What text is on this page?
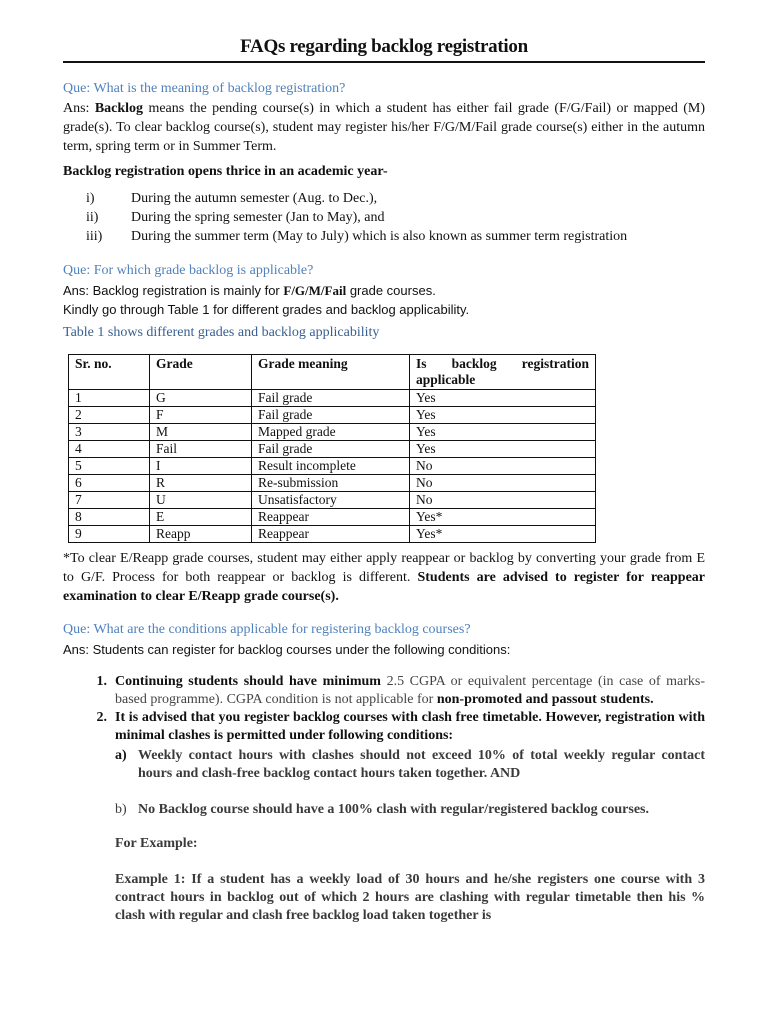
FAQs regarding backlog registration

Que: What is the meaning of backlog registration?

Ans: Backlog means the pending course(s) in which a student has either fail grade (F/G/Fail) or mapped (M) grade(s). To clear backlog course(s), student may register his/her F/G/M/Fail grade course(s) either in the autumn term, spring term or in Summer Term.

Backlog registration opens thrice in an academic year-

i)	During the autumn semester (Aug. to Dec.),
ii)	During the spring semester (Jan to May), and
iii)	During the summer term (May to July) which is also known as summer term registration

Que: For which grade backlog is applicable?

Ans: Backlog registration is mainly for F/G/M/Fail grade courses.

Kindly go through Table 1 for different grades and backlog applicability.

Table 1 shows different grades and backlog applicability

Sr. no.	Grade	Grade meaning	Is backlog registration
applicable

1	G	Fail grade	Yes
2	F	Fail grade	Yes
3	M	Mapped grade	Yes
4	Fail	Fail grade	Yes
5	I	Result incomplete	No
6	R	Re-submission	No
7	U	Unsatisfactory	No
8	E	Reappear	Yes*
9	Reapp	Reappear	Yes*

*To clear E/Reapp grade courses, student may either apply reappear or backlog by converting your grade from E to G/F. Process for both reappear or backlog is different. Students are advised to register for reappear examination to clear E/Reapp grade course(s).

Que: What are the conditions applicable for registering backlog courses?

Ans: Students can register for backlog courses under the following conditions:

1. Continuing students should have minimum 2.5 CGPA or equivalent percentage (in case of marks-based programme). CGPA condition is not applicable for non-promoted and passout students.
2. It is advised that you register backlog courses with clash free timetable. However, registration with minimal clashes is permitted under following conditions:
a) Weekly contact hours with clashes should not exceed 10% of total weekly regular contact hours and clash-free backlog contact hours taken together. AND
b) No Backlog course should have a 100% clash with regular/registered backlog courses.
For Example:
Example 1: If a student has a weekly load of 30 hours and he/she registers one course with 3 contract hours in backlog out of which 2 hours are clashing with regular timetable then his % clash with regular and clash free backlog load taken together is
